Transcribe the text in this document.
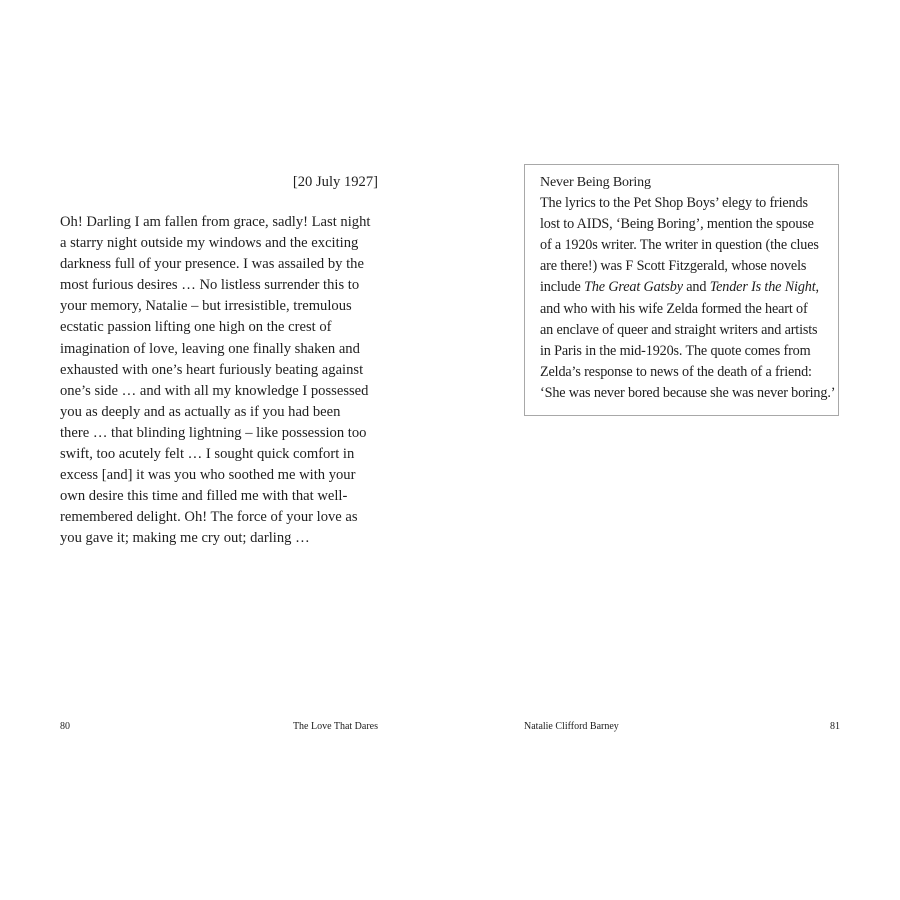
[20 July 1927]
Oh! Darling I am fallen from grace, sadly! Last night
a starry night outside my windows and the exciting
darkness full of your presence. I was assailed by the
most furious desires … No listless surrender this to
your memory, Natalie – but irresistible, tremulous
ecstatic passion lifting one high on the crest of
imagination of love, leaving one finally shaken and
exhausted with one’s heart furiously beating against
one’s side … and with all my knowledge I possessed
you as deeply and as actually as if you had been
there … that blinding lightning – like possession too
swift, too acutely felt … I sought quick comfort in
excess [and] it was you who soothed me with your
own desire this time and filled me with that well-
remembered delight. Oh! The force of your love as
you gave it; making me cry out; darling …
80	The Love That Dares
Never Being Boring
The lyrics to the Pet Shop Boys’ elegy to friends
lost to AIDS, ‘Being Boring’, mention the spouse
of a 1920s writer. The writer in question (the clues
are there!) was F Scott Fitzgerald, whose novels
include The Great Gatsby and Tender Is the Night,
and who with his wife Zelda formed the heart of
an enclave of queer and straight writers and artists
in Paris in the mid-1920s. The quote comes from
Zelda’s response to news of the death of a friend:
‘She was never bored because she was never boring.’
Natalie Clifford Barney	81
